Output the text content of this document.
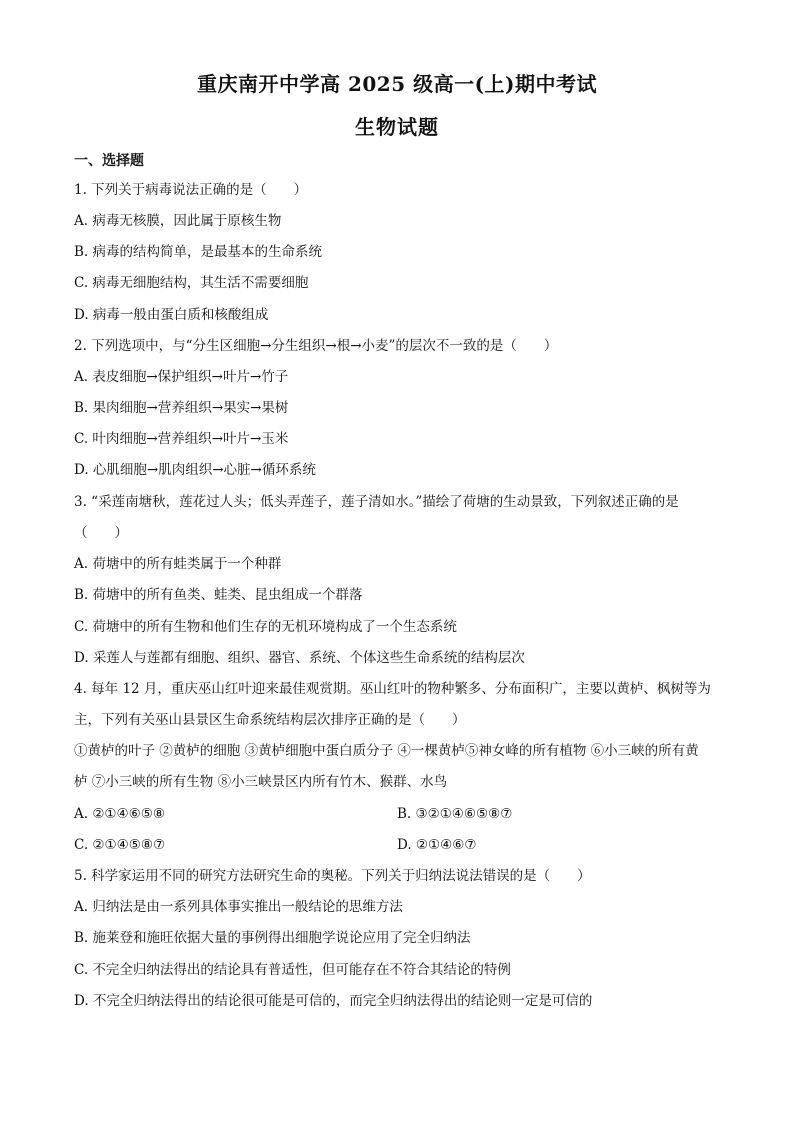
重庆南开中学高 2025 级高一(上)期中考试
生物试题
一、选择题
1. 下列关于病毒说法正确的是（　　）
A. 病毒无核膜，因此属于原核生物
B. 病毒的结构简单，是最基本的生命系统
C. 病毒无细胞结构，其生活不需要细胞
D. 病毒一般由蛋白质和核酸组成
2. 下列选项中，与“分生区细胞→分生组织→根→小麦”的层次不一致的是（　　）
A. 表皮细胞→保护组织→叶片→竹子
B. 果肉细胞→营养组织→果实→果树
C. 叶肉细胞→营养组织→叶片→玉米
D. 心肌细胞→肌肉组织→心脏→循环系统
3. “采莲南塘秋，莲花过人头；低头弄莲子，莲子清如水。”描绘了荷塘的生动景致，下列叙述正确的是
（　　）
A. 荷塘中的所有蛙类属于一个种群
B. 荷塘中的所有鱼类、蛙类、昆虫组成一个群落
C. 荷塘中的所有生物和他们生存的无机环境构成了一个生态系统
D. 采莲人与莲都有细胞、组织、器官、系统、个体这些生命系统的结构层次
4. 每年 12 月，重庆巫山红叶迎来最佳观赏期。巫山红叶的物种繁多、分布面积广，主要以黄栌、枫树等为
主，下列有关巫山县景区生命系统结构层次排序正确的是（　　）
①黄栌的叶子 ②黄栌的细胞 ③黄栌细胞中蛋白质分子 ④一棵黄栌⑤神女峰的所有植物 ⑥小三峡的所有黄
栌 ⑦小三峡的所有生物 ⑧小三峡景区内所有竹木、猴群、水鸟
A. ②①④⑥⑤⑧	B. ③②①④⑥⑤⑧⑦
C. ②①④⑤⑧⑦	D. ②①④⑥⑦
5. 科学家运用不同的研究方法研究生命的奥秘。下列关于归纳法说法错误的是（　　）
A. 归纳法是由一系列具体事实推出一般结论的思维方法
B. 施莱登和施旺依据大量的事例得出细胞学说论应用了完全归纳法
C. 不完全归纳法得出的结论具有普适性，但可能存在不符合其结论的特例
D. 不完全归纳法得出的结论很可能是可信的，而完全归纳法得出的结论则一定是可信的
